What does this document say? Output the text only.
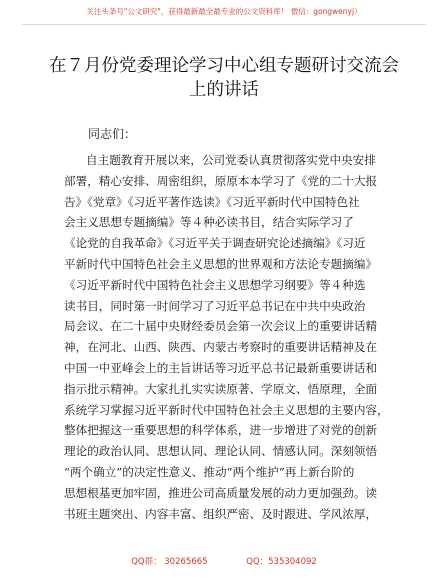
关注头条号"公文研究"，获得最新最全最专业的公文资料库！ 微信：gongwenyj）
在７月份党委理论学习中心组专题研讨交流会
上的讲话
同志们：
自主题教育开展以来，公司党委认真贯彻落实党中央安排
部署，精心安排、周密组织，原原本本学习了《党的二十大报
告》《党章》《习近平著作选读》《习近平新时代中国特色社
会主义思想专题摘编》等４种必读书目，结合实际学习了
《论党的自我革命》《习近平关于调查研究论述摘编》《习近
平新时代中国特色社会主义思想的世界观和方法论专题摘编》
《习近平新时代中国特色社会主义思想学习纲要》等４种选
读书目，同时第一时间学习了习近平总书记在中共中央政治
局会议、在二十届中央财经委员会第一次会议上的重要讲话精
神，在河北、山西、陕西、内蒙古考察时的重要讲话精神及在
中国一中亚峰会上的主旨讲话等习近平总书记最新重要讲话和
指示批示精神。大家扎扎实实读原著、学原文、悟原理，全面
系统学习掌握习近平新时代中国特色社会主义思想的主要内容，
整体把握这一重要思想的科学体系，进一步增进了对党的创新
理论的政治认同、思想认同、理论认同、情感认同。深刻领悟
“两个确立”的决定性意义、推动“两个维护”再上新台阶的
思想根基更加牢固，推进公司高质量发展的动力更加强劲。读
书班主题突出、内容丰富、组织严密、及时跟进、学风浓厚，
QQ群： 30265665	QQ：535304092
